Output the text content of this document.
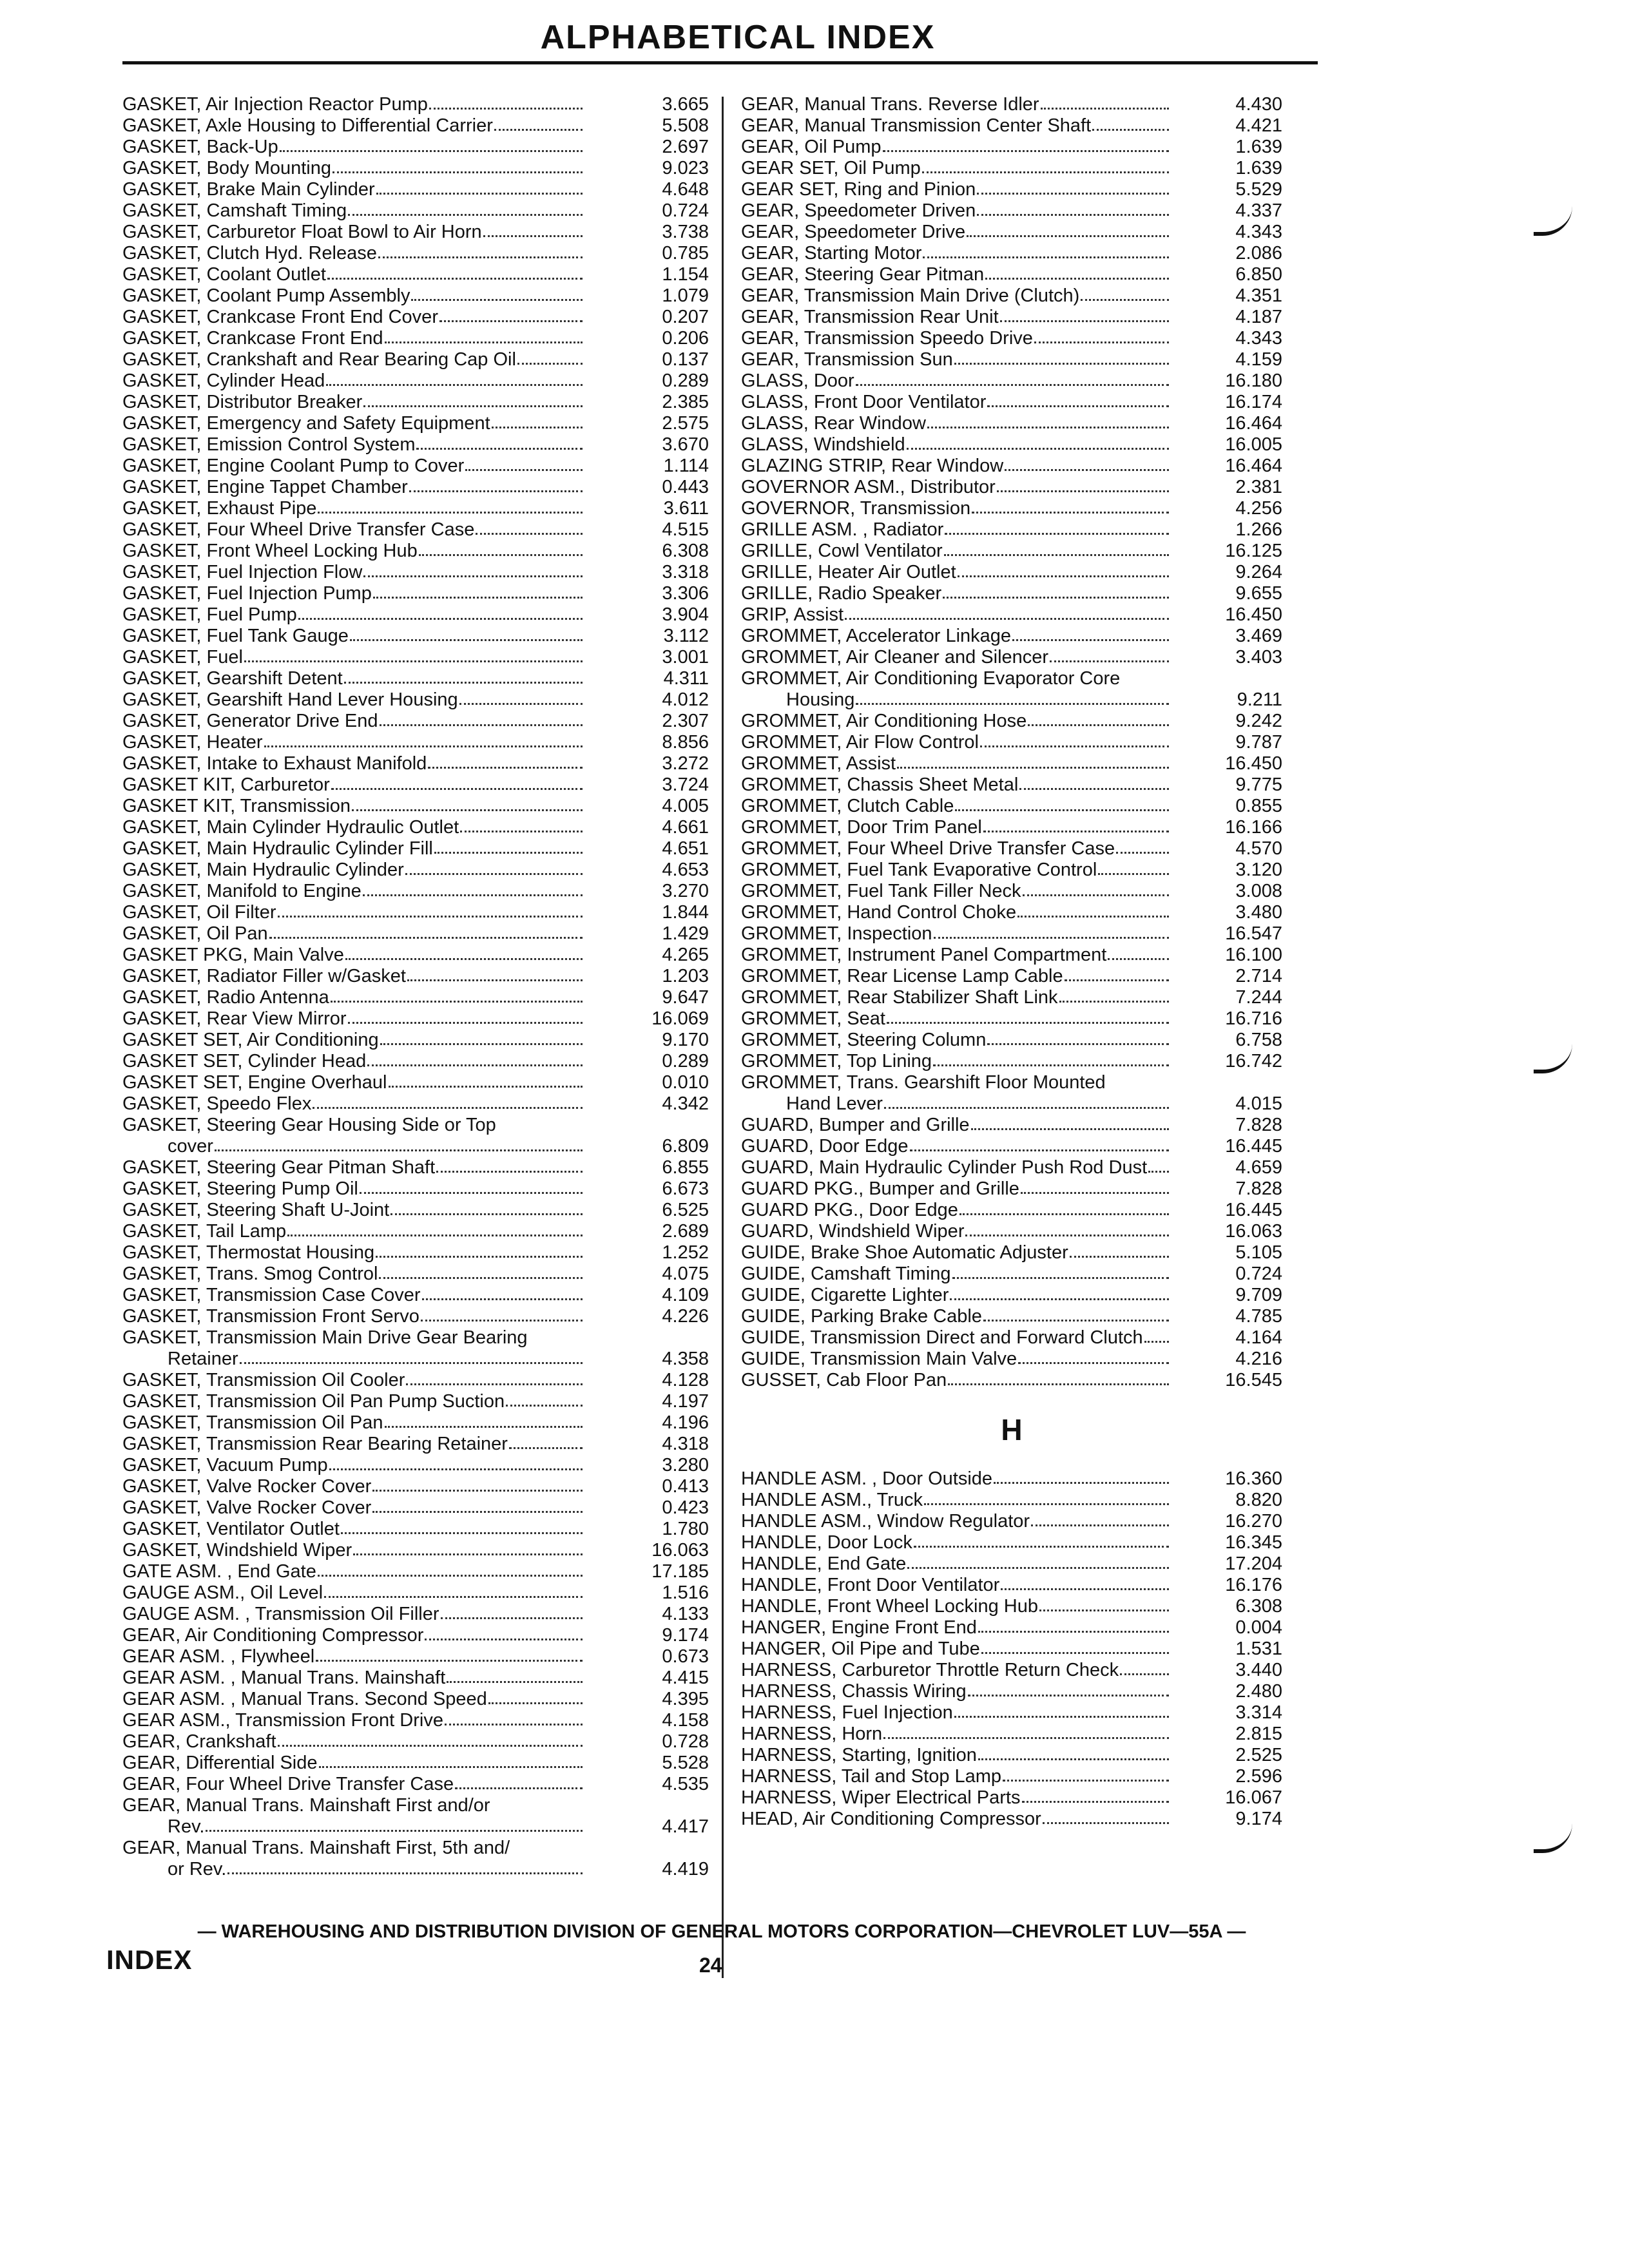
ALPHABETICAL INDEX
GASKET, Air Injection Reactor Pump	3.665
GASKET, Axle Housing to Differential Carrier	5.508
GASKET, Back-Up	2.697
GASKET, Body Mounting	9.023
GASKET, Brake Main Cylinder	4.648
GASKET, Camshaft Timing	0.724
GASKET, Carburetor Float Bowl to Air Horn	3.738
GASKET, Clutch Hyd. Release	0.785
GASKET, Coolant Outlet	1.154
GASKET, Coolant Pump Assembly	1.079
GASKET, Crankcase Front End Cover	0.207
GASKET, Crankcase Front End	0.206
GASKET, Crankshaft and Rear Bearing Cap Oil	0.137
GASKET, Cylinder Head	0.289
GASKET, Distributor Breaker	2.385
GASKET, Emergency and Safety Equipment	2.575
GASKET, Emission Control System	3.670
GASKET, Engine Coolant Pump to Cover	1.114
GASKET, Engine Tappet Chamber	0.443
GASKET, Exhaust Pipe	3.611
GASKET, Four Wheel Drive Transfer Case	4.515
GASKET, Front Wheel Locking Hub	6.308
GASKET, Fuel Injection Flow	3.318
GASKET, Fuel Injection Pump	3.306
GASKET, Fuel Pump	3.904
GASKET, Fuel Tank Gauge	3.112
GASKET, Fuel	3.001
GASKET, Gearshift Detent	4.311
GASKET, Gearshift Hand Lever Housing	4.012
GASKET, Generator Drive End	2.307
GASKET, Heater	8.856
GASKET, Intake to Exhaust Manifold	3.272
GASKET KIT, Carburetor	3.724
GASKET KIT, Transmission	4.005
GASKET, Main Cylinder Hydraulic Outlet	4.661
GASKET, Main Hydraulic Cylinder Fill	4.651
GASKET, Main Hydraulic Cylinder	4.653
GASKET, Manifold to Engine	3.270
GASKET, Oil Filter	1.844
GASKET, Oil Pan	1.429
GASKET PKG, Main Valve	4.265
GASKET, Radiator Filler w/Gasket	1.203
GASKET, Radio Antenna	9.647
GASKET, Rear View Mirror	16.069
GASKET SET, Air Conditioning	9.170
GASKET SET, Cylinder Head	0.289
GASKET SET, Engine Overhaul	0.010
GASKET, Speedo Flex	4.342
GASKET, Steering Gear Housing Side or Top
cover	6.809
GASKET, Steering Gear Pitman Shaft	6.855
GASKET, Steering Pump Oil	6.673
GASKET, Steering Shaft U-Joint	6.525
GASKET, Tail Lamp	2.689
GASKET, Thermostat Housing	1.252
GASKET, Trans. Smog Control	4.075
GASKET, Transmission Case Cover	4.109
GASKET, Transmission Front Servo	4.226
GASKET, Transmission Main Drive Gear Bearing
Retainer	4.358
GASKET, Transmission Oil Cooler	4.128
GASKET, Transmission Oil Pan Pump Suction	4.197
GASKET, Transmission Oil Pan	4.196
GASKET, Transmission Rear Bearing Retainer	4.318
GASKET, Vacuum Pump	3.280
GASKET, Valve Rocker Cover	0.413
GASKET, Valve Rocker Cover	0.423
GASKET, Ventilator Outlet	1.780
GASKET, Windshield Wiper	16.063
GATE ASM. , End Gate	17.185
GAUGE ASM., Oil Level	1.516
GAUGE ASM. , Transmission Oil Filler	4.133
GEAR, Air Conditioning Compressor	9.174
GEAR ASM. , Flywheel	0.673
GEAR ASM. , Manual Trans. Mainshaft	4.415
GEAR ASM. , Manual Trans. Second Speed	4.395
GEAR ASM., Transmission Front Drive	4.158
GEAR, Crankshaft	0.728
GEAR, Differential Side	5.528
GEAR, Four Wheel Drive Transfer Case	4.535
GEAR, Manual Trans. Mainshaft First and/or
Rev.	4.417
GEAR, Manual Trans. Mainshaft First, 5th and/
or Rev.	4.419
GEAR, Manual Trans. Reverse Idler	4.430
GEAR, Manual Transmission Center Shaft	4.421
GEAR, Oil Pump	1.639
GEAR SET, Oil Pump	1.639
GEAR SET, Ring and Pinion	5.529
GEAR, Speedometer Driven	4.337
GEAR, Speedometer Drive	4.343
GEAR, Starting Motor	2.086
GEAR, Steering Gear Pitman	6.850
GEAR, Transmission Main Drive (Clutch)	4.351
GEAR, Transmission Rear Unit	4.187
GEAR, Transmission Speedo Drive	4.343
GEAR, Transmission Sun	4.159
GLASS, Door	16.180
GLASS, Front Door Ventilator	16.174
GLASS, Rear Window	16.464
GLASS, Windshield	16.005
GLAZING STRIP, Rear Window	16.464
GOVERNOR ASM., Distributor	2.381
GOVERNOR, Transmission	4.256
GRILLE ASM. , Radiator	1.266
GRILLE, Cowl Ventilator	16.125
GRILLE, Heater Air Outlet	9.264
GRILLE, Radio Speaker	9.655
GRIP, Assist	16.450
GROMMET, Accelerator Linkage	3.469
GROMMET, Air Cleaner and Silencer	3.403
GROMMET, Air Conditioning Evaporator Core
Housing	9.211
GROMMET, Air Conditioning Hose	9.242
GROMMET, Air Flow Control	9.787
GROMMET, Assist	16.450
GROMMET, Chassis Sheet Metal	9.775
GROMMET, Clutch Cable	0.855
GROMMET, Door Trim Panel	16.166
GROMMET, Four Wheel Drive Transfer Case	4.570
GROMMET, Fuel Tank Evaporative Control	3.120
GROMMET, Fuel Tank Filler Neck	3.008
GROMMET, Hand Control Choke	3.480
GROMMET, Inspection	16.547
GROMMET, Instrument Panel Compartment	16.100
GROMMET, Rear License Lamp Cable	2.714
GROMMET, Rear Stabilizer Shaft Link	7.244
GROMMET, Seat	16.716
GROMMET, Steering Column	6.758
GROMMET, Top Lining	16.742
GROMMET, Trans. Gearshift Floor Mounted
Hand Lever	4.015
GUARD, Bumper and Grille	7.828
GUARD, Door Edge	16.445
GUARD, Main Hydraulic Cylinder Push Rod Dust	4.659
GUARD PKG., Bumper and Grille	7.828
GUARD PKG., Door Edge	16.445
GUARD, Windshield Wiper	16.063
GUIDE, Brake Shoe Automatic Adjuster	5.105
GUIDE, Camshaft Timing	0.724
GUIDE, Cigarette Lighter	9.709
GUIDE, Parking Brake Cable	4.785
GUIDE, Transmission Direct and Forward Clutch	4.164
GUIDE, Transmission Main Valve	4.216
GUSSET, Cab Floor Pan	16.545
H
HANDLE ASM. , Door Outside	16.360
HANDLE ASM., Truck	8.820
HANDLE ASM., Window Regulator	16.270
HANDLE, Door Lock	16.345
HANDLE, End Gate	17.204
HANDLE, Front Door Ventilator	16.176
HANDLE, Front Wheel Locking Hub	6.308
HANGER, Engine Front End	0.004
HANGER, Oil Pipe and Tube	1.531
HARNESS, Carburetor Throttle Return Check	3.440
HARNESS, Chassis Wiring	2.480
HARNESS, Fuel Injection	3.314
HARNESS, Horn	2.815
HARNESS, Starting, Ignition	2.525
HARNESS, Tail and Stop Lamp	2.596
HARNESS, Wiper Electrical Parts	16.067
HEAD, Air Conditioning Compressor	9.174
— WAREHOUSING AND DISTRIBUTION DIVISION OF GENERAL MOTORS CORPORATION—CHEVROLET LUV—55A —
INDEX	24
